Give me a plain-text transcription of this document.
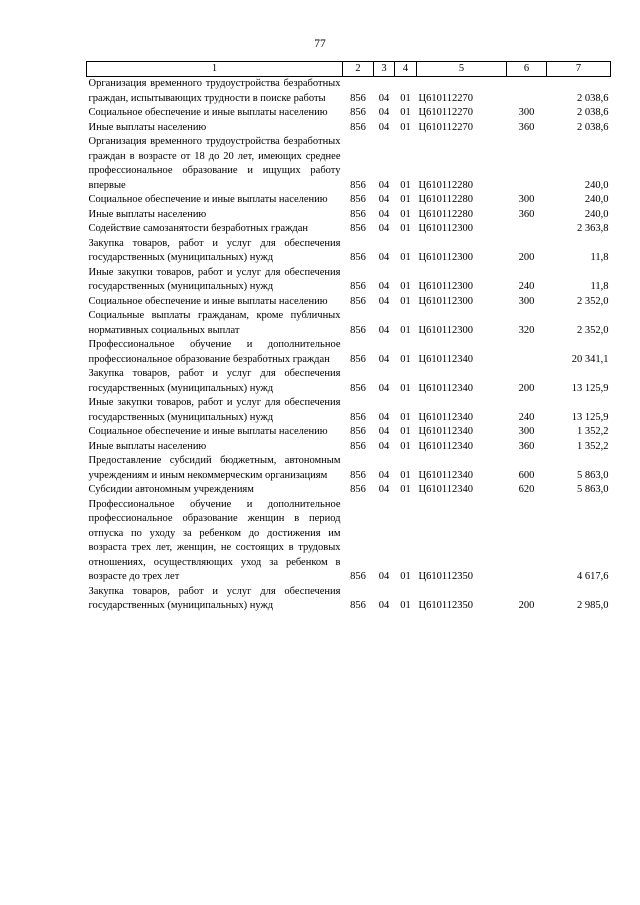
77
1	2	3	4	5	6	7
Организация временного трудоустройства безработных граждан, испытывающих трудности в поиске работы	856	04	01	Ц610112270		2 038,6
Социальное обеспечение и иные выплаты населению	856	04	01	Ц610112270	300	2 038,6
Иные выплаты населению	856	04	01	Ц610112270	360	2 038,6
Организация временного трудоустройства безработных граждан в возрасте от 18 до 20 лет, имеющих среднее профессиональное образование и ищущих работу впервые	856	04	01	Ц610112280		240,0
Социальное обеспечение и иные выплаты населению	856	04	01	Ц610112280	300	240,0
Иные выплаты населению	856	04	01	Ц610112280	360	240,0
Содействие самозанятости безработных граждан	856	04	01	Ц610112300		2 363,8
Закупка товаров, работ и услуг для обеспечения государственных (муниципальных) нужд	856	04	01	Ц610112300	200	11,8
Иные закупки товаров, работ и услуг для обеспечения государственных (муниципальных) нужд	856	04	01	Ц610112300	240	11,8
Социальное обеспечение и иные выплаты населению	856	04	01	Ц610112300	300	2 352,0
Социальные выплаты гражданам, кроме публичных нормативных социальных выплат	856	04	01	Ц610112300	320	2 352,0
Профессиональное обучение и дополнительное профессиональное образование безработных граждан	856	04	01	Ц610112340		20 341,1
Закупка товаров, работ и услуг для обеспечения государственных (муниципальных) нужд	856	04	01	Ц610112340	200	13 125,9
Иные закупки товаров, работ и услуг для обеспечения государственных (муниципальных) нужд	856	04	01	Ц610112340	240	13 125,9
Социальное обеспечение и иные выплаты населению	856	04	01	Ц610112340	300	1 352,2
Иные выплаты населению	856	04	01	Ц610112340	360	1 352,2
Предоставление субсидий бюджетным, автономным учреждениям и иным некоммерческим организациям	856	04	01	Ц610112340	600	5 863,0
Субсидии автономным учреждениям	856	04	01	Ц610112340	620	5 863,0
Профессиональное обучение и дополнительное профессиональное образование женщин в период отпуска по уходу за ребенком до достижения им возраста трех лет, женщин, не состоящих в трудовых отношениях, осуществляющих уход за ребенком в возрасте до трех лет	856	04	01	Ц610112350		4 617,6
Закупка товаров, работ и услуг для обеспечения государственных (муниципальных) нужд	856	04	01	Ц610112350	200	2 985,0
